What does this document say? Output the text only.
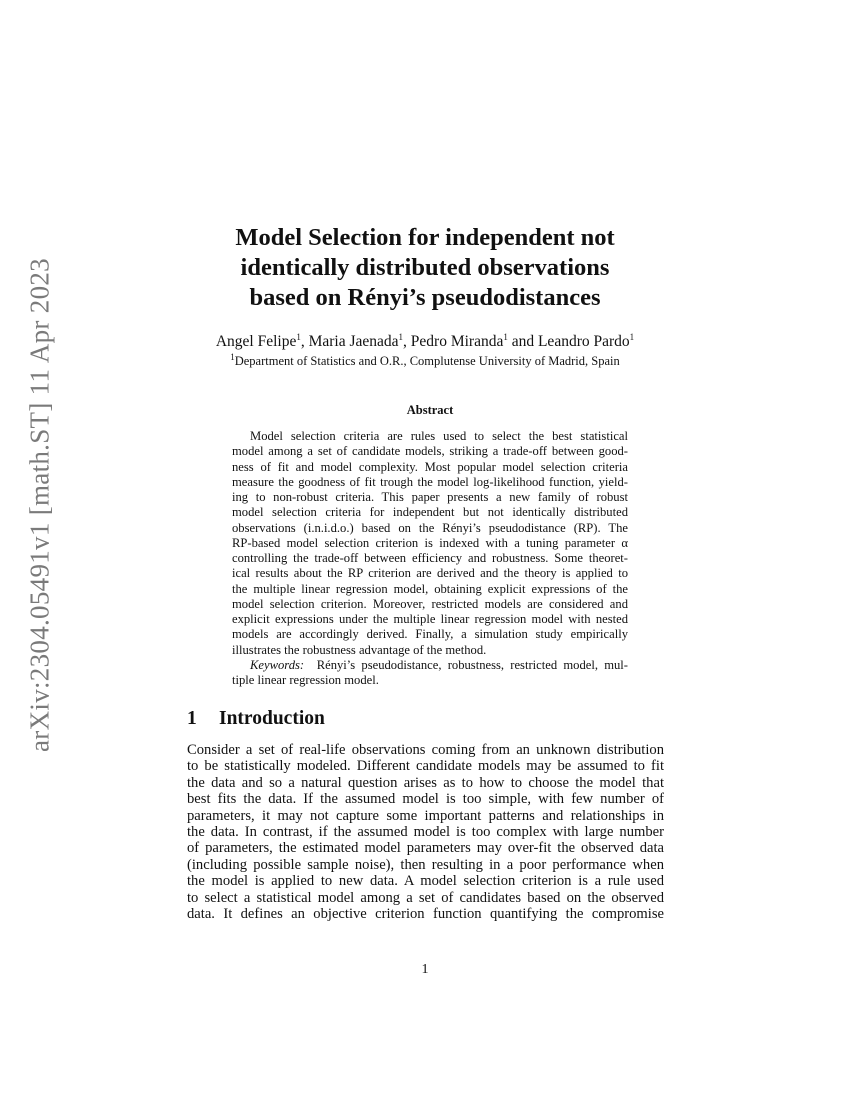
arXiv:2304.05491v1 [math.ST] 11 Apr 2023
Model Selection for independent not
identically distributed observations
based on Rényi’s pseudodistances
Angel Felipe$^1$, Maria Jaenada$^1$, Pedro Miranda$^1$ and Leandro Pardo$^1$
$^1$Department of Statistics and O.R., Complutense University of Madrid, Spain
Abstract
Model selection criteria are rules used to select the best statistical
model among a set of candidate models, striking a trade-off between good-
ness of fit and model complexity. Most popular model selection criteria
measure the goodness of fit trough the model log-likelihood function, yield-
ing to non-robust criteria. This paper presents a new family of robust
model selection criteria for independent but not identically distributed
observations (i.n.i.d.o.) based on the Rényi’s pseudodistance (RP). The
RP-based model selection criterion is indexed with a tuning parameter α
controlling the trade-off between efficiency and robustness. Some theoret-
ical results about the RP criterion are derived and the theory is applied to
the multiple linear regression model, obtaining explicit expressions of the
model selection criterion. Moreover, restricted models are considered and
explicit expressions under the multiple linear regression model with nested
models are accordingly derived. Finally, a simulation study empirically
illustrates the robustness advantage of the method.
Keywords:  Rényi’s pseudodistance, robustness, restricted model, mul-
tiple linear regression model.
1 Introduction
Consider a set of real-life observations coming from an unknown distribution
to be statistically modeled. Different candidate models may be assumed to fit
the data and so a natural question arises as to how to choose the model that
best fits the data. If the assumed model is too simple, with few number of
parameters, it may not capture some important patterns and relationships in
the data. In contrast, if the assumed model is too complex with large number
of parameters, the estimated model parameters may over-fit the observed data
(including possible sample noise), then resulting in a poor performance when
the model is applied to new data. A model selection criterion is a rule used
to select a statistical model among a set of candidates based on the observed
data. It defines an objective criterion function quantifying the compromise
1
